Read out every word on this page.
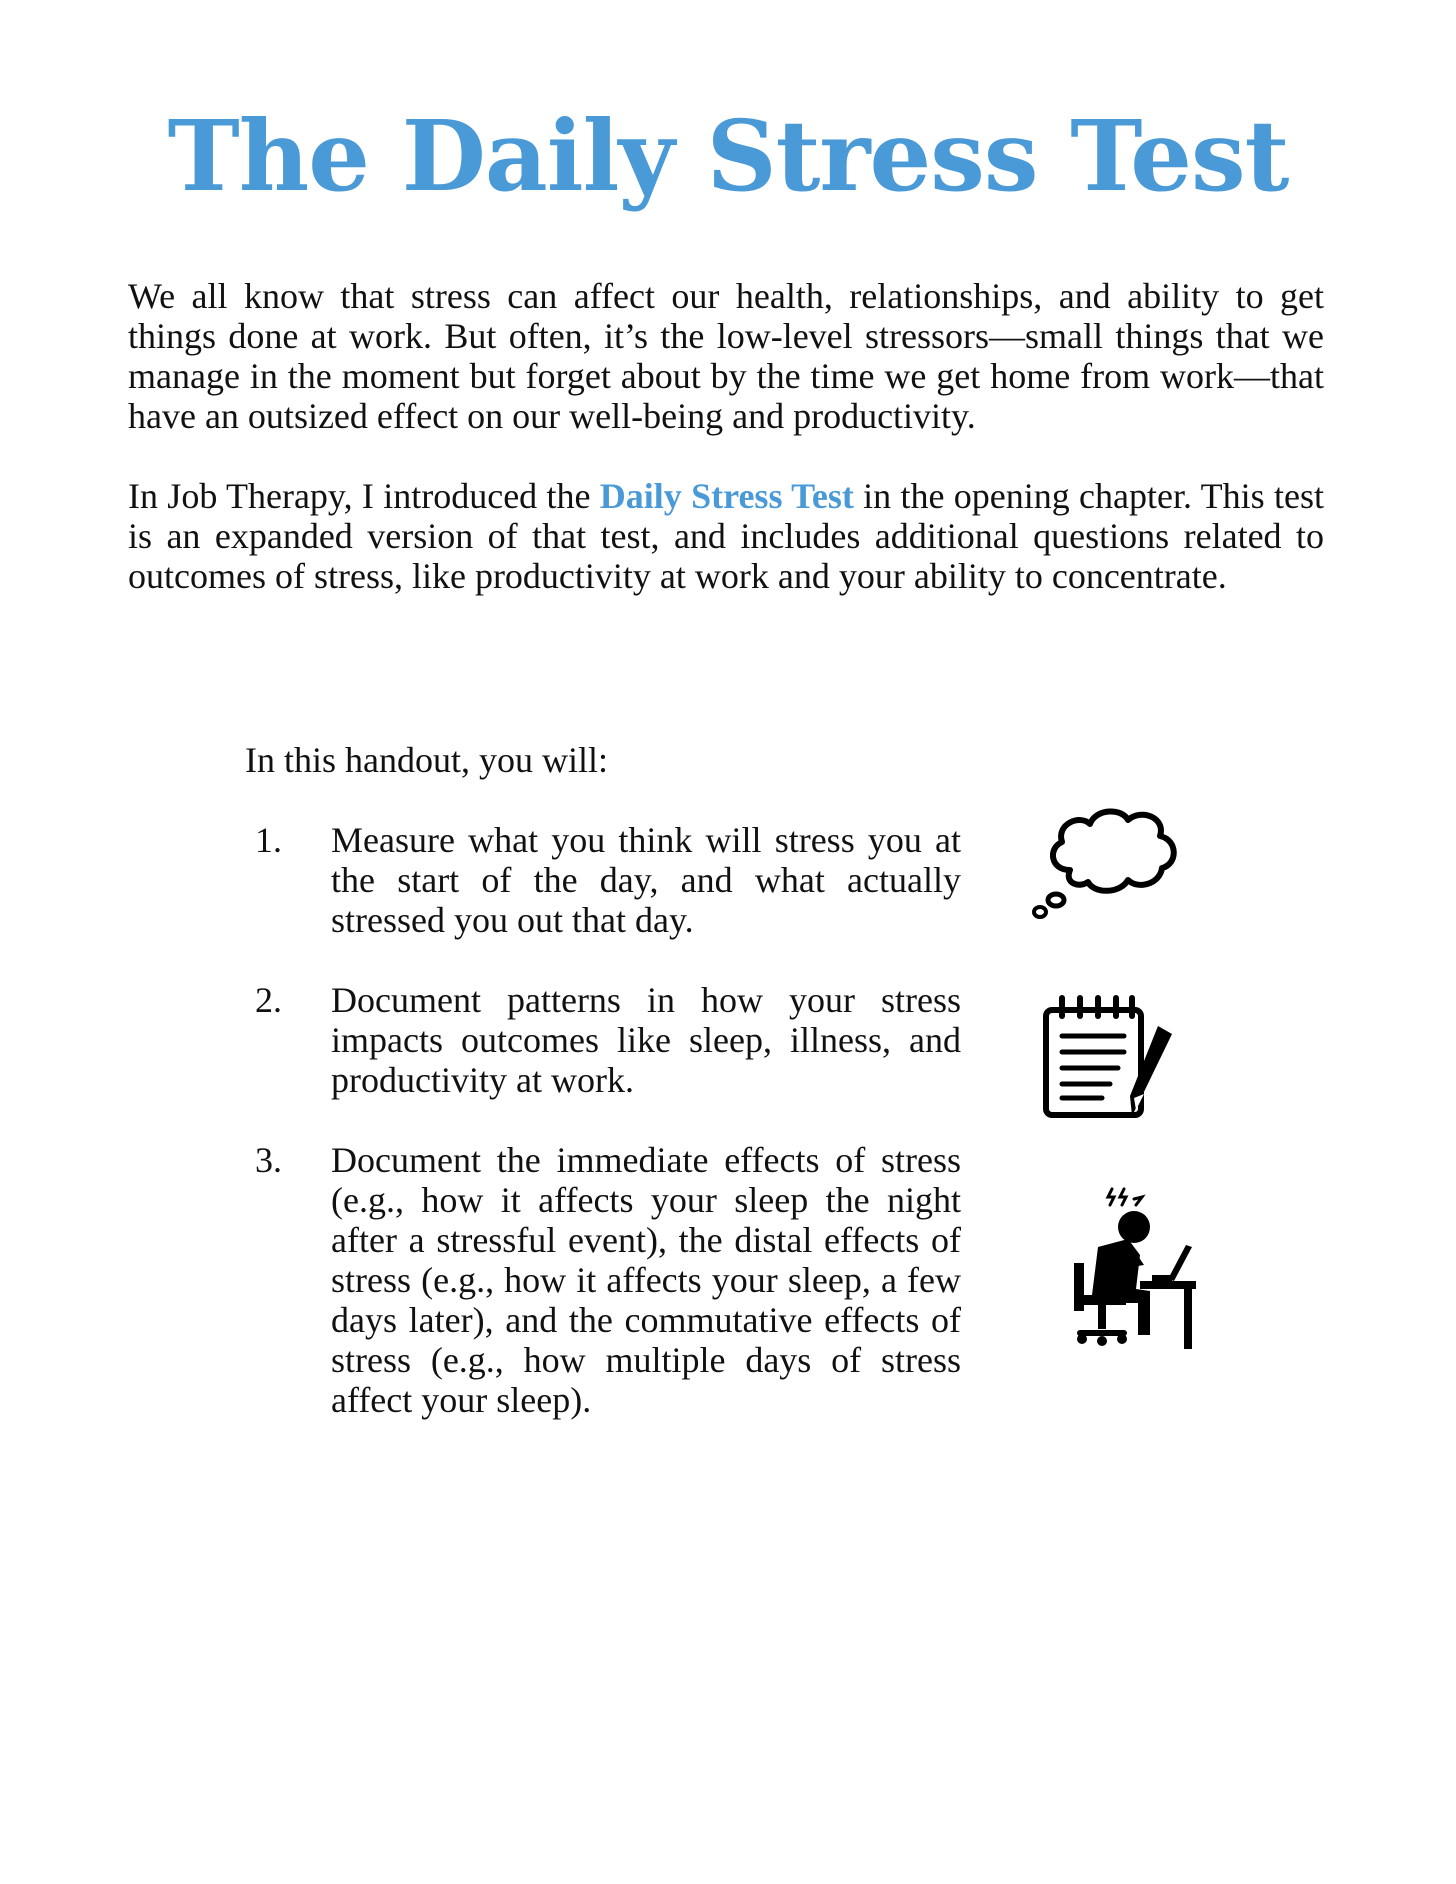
The Daily Stress Test

We all know that stress can affect our health, relationships, and ability to get things done at work. But often, it’s the low-level stressors—small things that we manage in the moment but forget about by the time we get home from work—that have an outsized effect on our well-being and productivity.

In Job Therapy, I introduced the Daily Stress Test in the opening chapter. This test is an expanded version of that test, and includes additional questions related to outcomes of stress, like productivity at work and your ability to concentrate.

In this handout, you will:

1.	Measure what you think will stress you at the start of the day, and what actually stressed you out that day.

2.	Document patterns in how your stress impacts outcomes like sleep, illness, and productivity at work.

3.	Document the immediate effects of stress (e.g., how it affects your sleep the night after a stressful event), the distal effects of stress (e.g., how it affects your sleep, a few days later), and the commutative effects of stress (e.g., how multiple days of stress affect your sleep).
